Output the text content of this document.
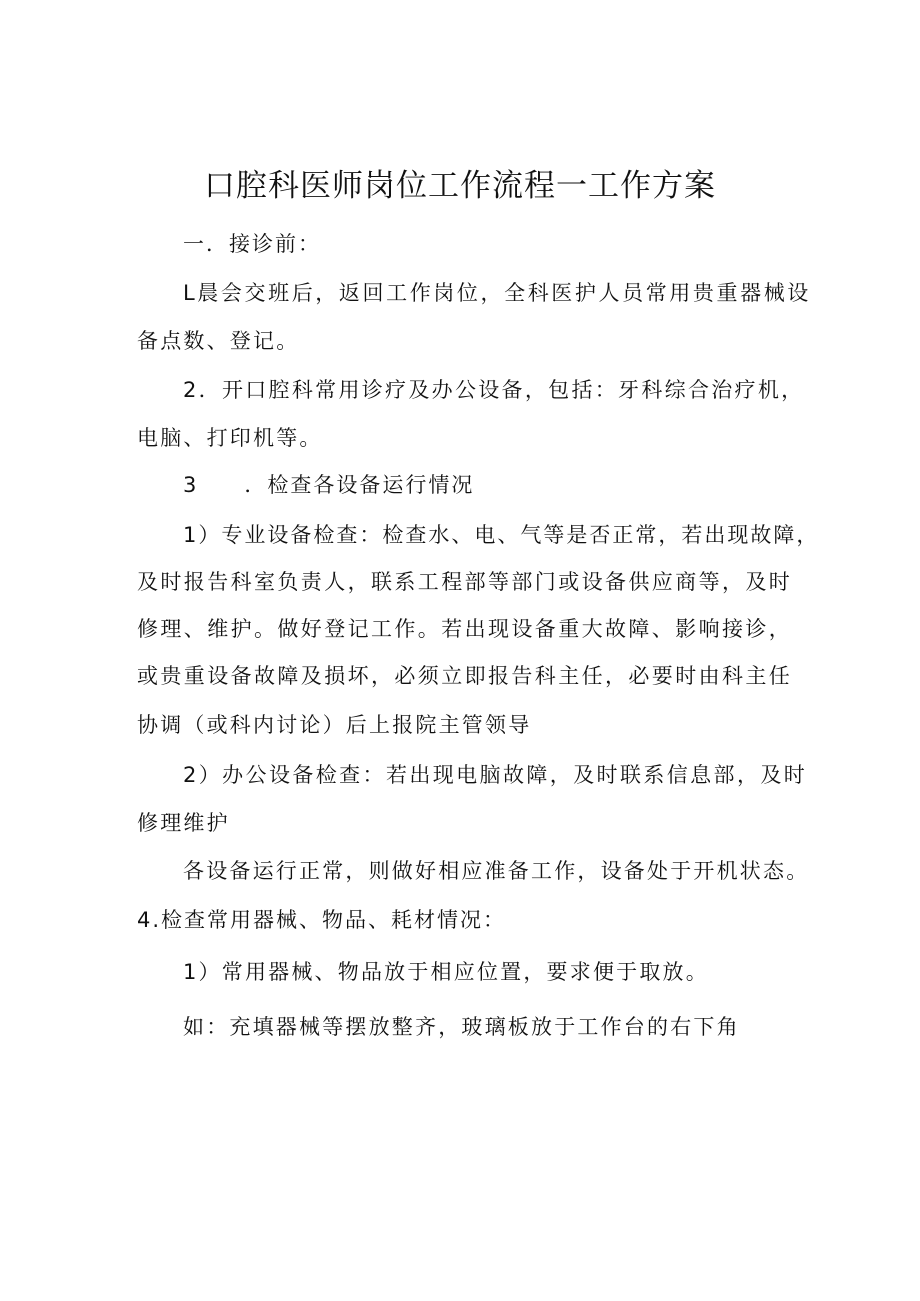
口腔科医师岗位工作流程一工作方案
一．接诊前：
L晨会交班后，返回工作岗位，全科医护人员常用贵重器械设
备点数、登记。
2．开口腔科常用诊疗及办公设备，包括：牙科综合治疗机，
电脑、打印机等。
3　　．检查各设备运行情况
1）专业设备检查：检查水、电、气等是否正常，若出现故障，
及时报告科室负责人，联系工程部等部门或设备供应商等，及时
修理、维护。做好登记工作。若出现设备重大故障、影响接诊，
或贵重设备故障及损坏，必须立即报告科主任，必要时由科主任
协调（或科内讨论）后上报院主管领导
2）办公设备检查：若出现电脑故障，及时联系信息部，及时
修理维护
各设备运行正常，则做好相应准备工作，设备处于开机状态。
4.检查常用器械、物品、耗材情况：
1）常用器械、物品放于相应位置，要求便于取放。
如：充填器械等摆放整齐，玻璃板放于工作台的右下角
